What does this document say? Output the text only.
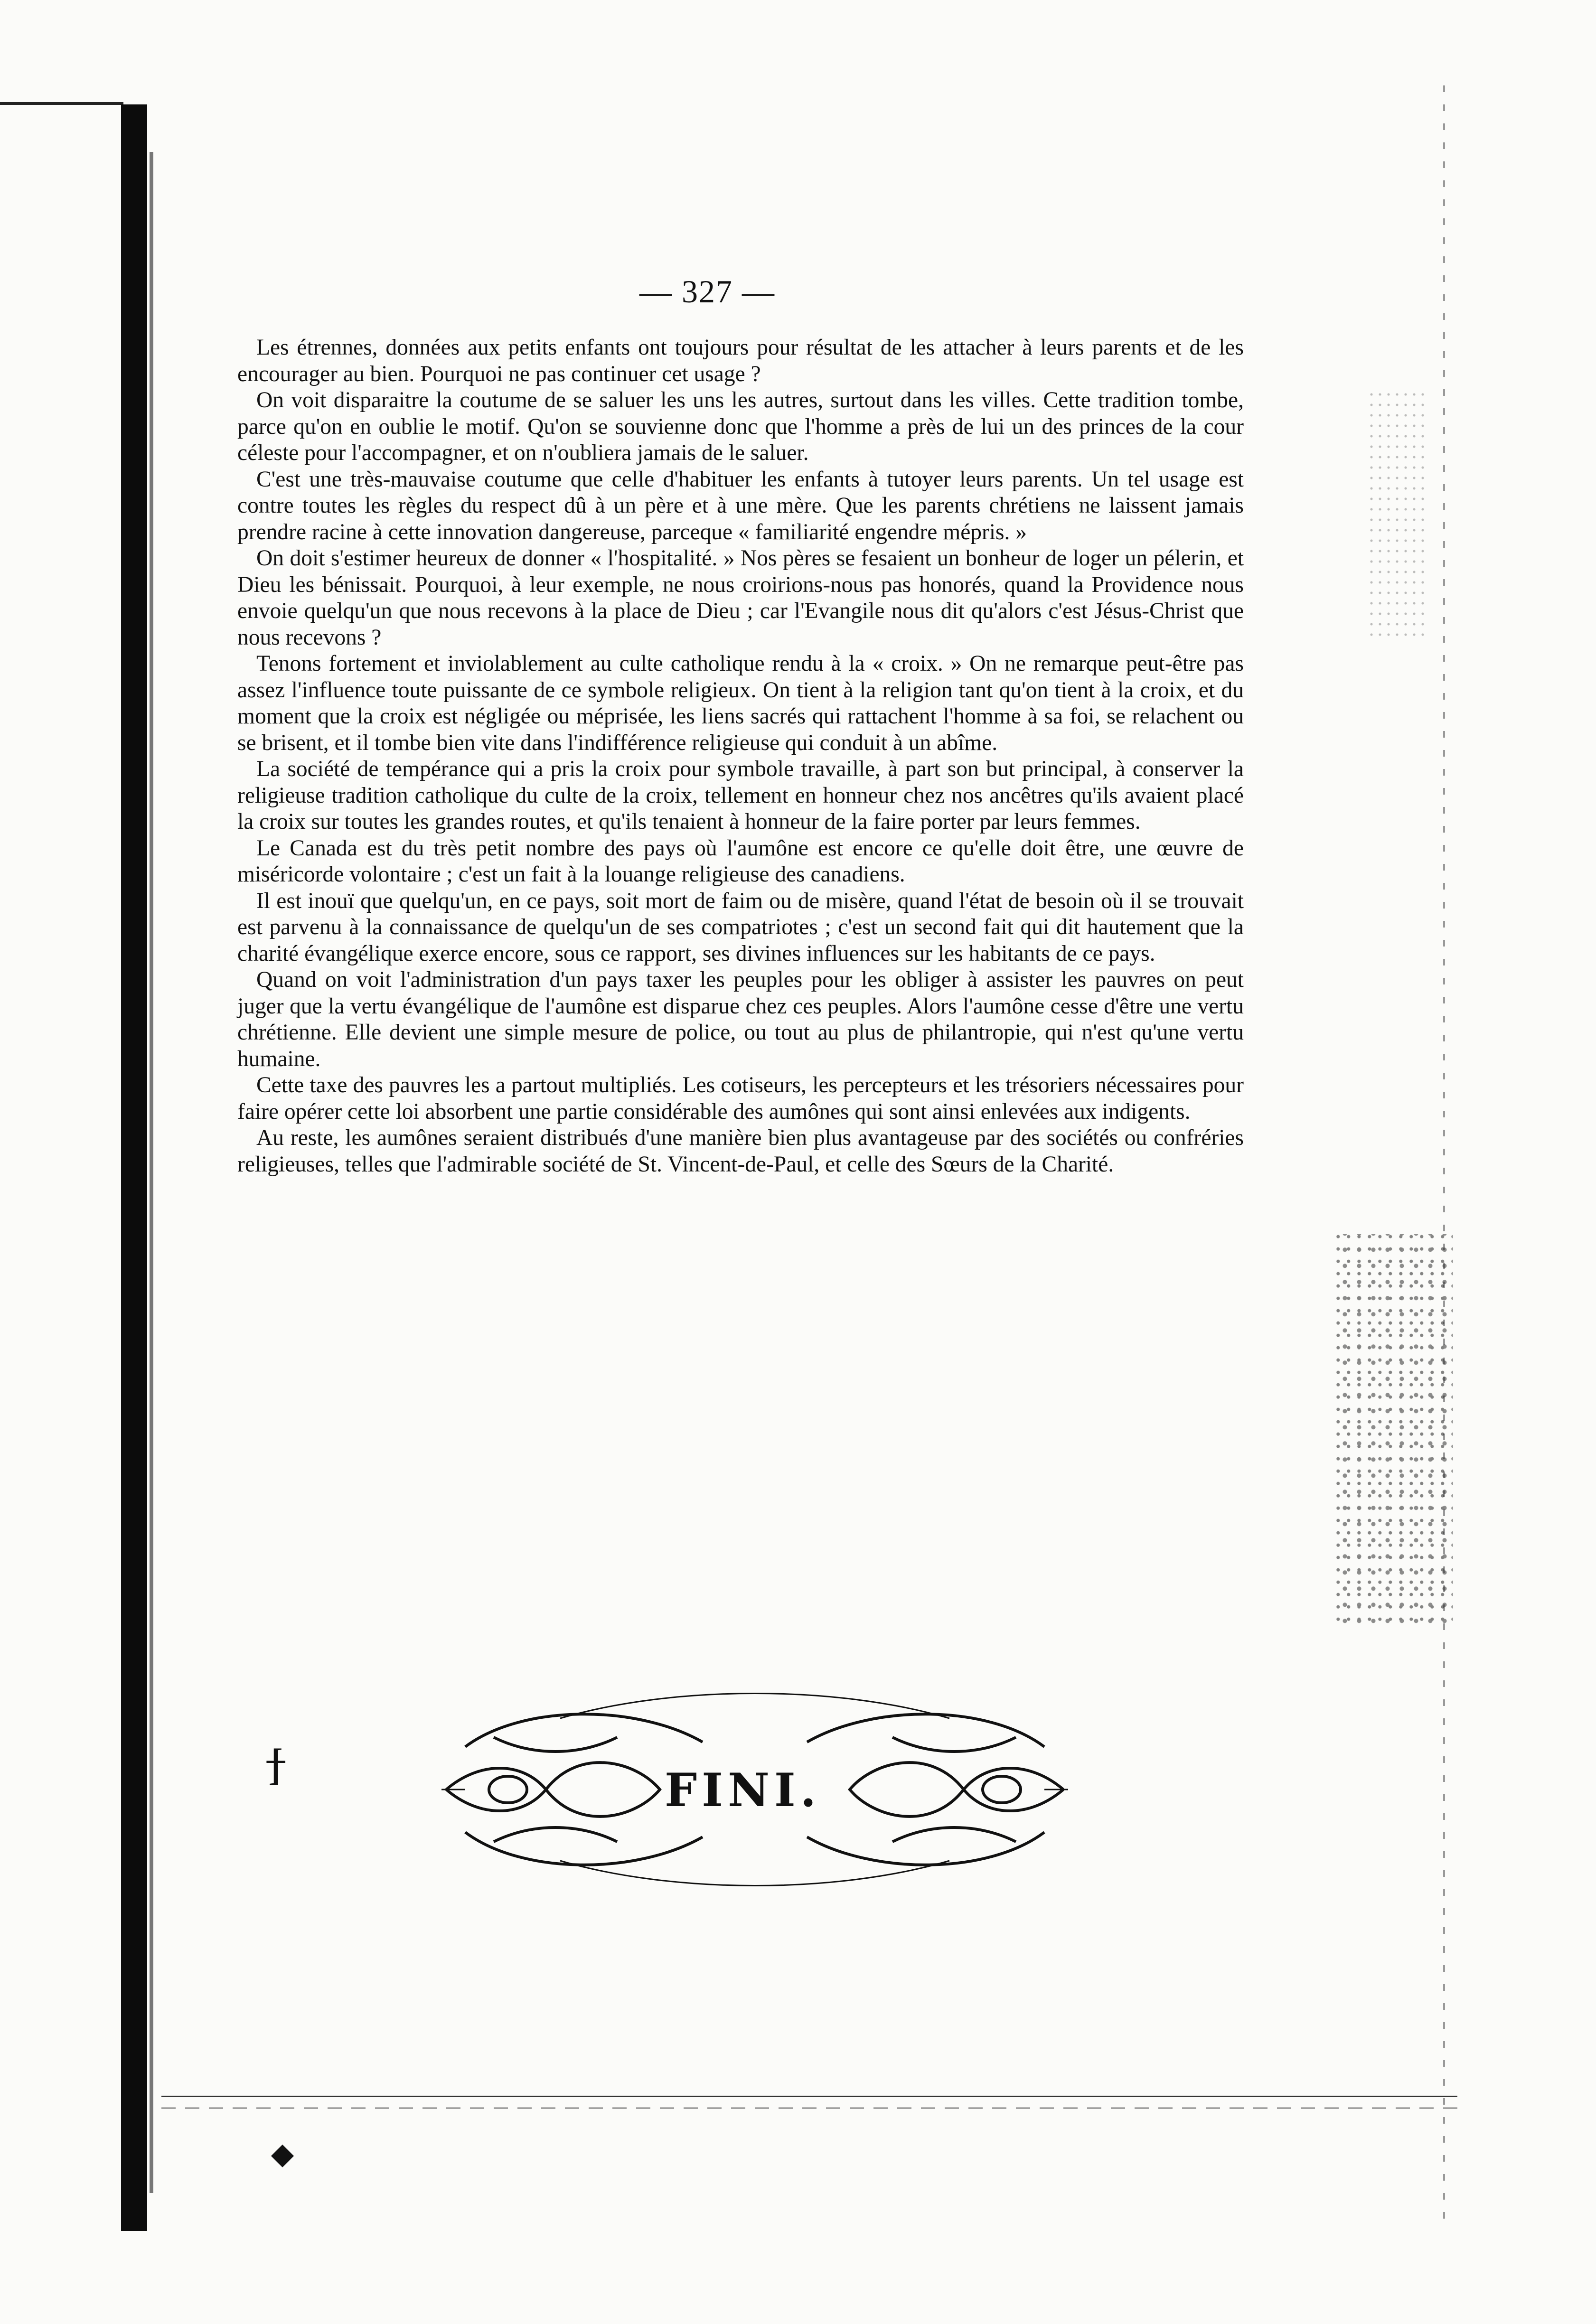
— 327 —

Les étrennes, données aux petits enfants ont toujours pour résultat de les attacher à leurs parents et de les encourager au bien. Pourquoi ne pas continuer cet usage ?

On voit disparaitre la coutume de se saluer les uns les autres, surtout dans les villes. Cette tradition tombe, parce qu'on en oublie le motif. Qu'on se souvienne donc que l'homme a près de lui un des princes de la cour céleste pour l'accompagner, et on n'oubliera jamais de le saluer.

C'est une très-mauvaise coutume que celle d'habituer les enfants à tutoyer leurs parents. Un tel usage est contre toutes les règles du respect dû à un père et à une mère. Que les parents chrétiens ne laissent jamais prendre racine à cette innovation dangereuse, parceque « familiarité engendre mépris. »

On doit s'estimer heureux de donner « l'hospitalité. » Nos pères se fesaient un bonheur de loger un pélerin, et Dieu les bénissait. Pourquoi, à leur exemple, ne nous croirions-nous pas honorés, quand la Providence nous envoie quelqu'un que nous recevons à la place de Dieu ; car l'Evangile nous dit qu'alors c'est Jésus-Christ que nous recevons ?

Tenons fortement et inviolablement au culte catholique rendu à la « croix. » On ne remarque peut-être pas assez l'influence toute puissante de ce symbole religieux. On tient à la religion tant qu'on tient à la croix, et du moment que la croix est négligée ou méprisée, les liens sacrés qui rattachent l'homme à sa foi, se relachent ou se brisent, et il tombe bien vite dans l'indifférence religieuse qui conduit à un abîme.

La société de tempérance qui a pris la croix pour symbole travaille, à part son but principal, à conserver la religieuse tradition catholique du culte de la croix, tellement en honneur chez nos ancêtres qu'ils avaient placé la croix sur toutes les grandes routes, et qu'ils tenaient à honneur de la faire porter par leurs femmes.

Le Canada est du très petit nombre des pays où l'aumône est encore ce qu'elle doit être, une œuvre de miséricorde volontaire ; c'est un fait à la louange religieuse des canadiens.

Il est inouï que quelqu'un, en ce pays, soit mort de faim ou de misère, quand l'état de besoin où il se trouvait est parvenu à la connaissance de quelqu'un de ses compatriotes ; c'est un second fait qui dit hautement que la charité évangélique exerce encore, sous ce rapport, ses divines influences sur les habitants de ce pays.

Quand on voit l'administration d'un pays taxer les peuples pour les obliger à assister les pauvres on peut juger que la vertu évangélique de l'aumône est disparue chez ces peuples. Alors l'aumône cesse d'être une vertu chrétienne. Elle devient une simple mesure de police, ou tout au plus de philantropie, qui n'est qu'une vertu humaine.

Cette taxe des pauvres les a partout multipliés. Les cotiseurs, les percepteurs et les trésoriers nécessaires pour faire opérer cette loi absorbent une partie considérable des aumônes qui sont ainsi enlevées aux indigents.

Au reste, les aumônes seraient distribués d'une manière bien plus avantageuse par des sociétés ou confréries religieuses, telles que l'admirable société de St. Vincent-de-Paul, et celle des Sœurs de la Charité.

FINI.
ϯ
